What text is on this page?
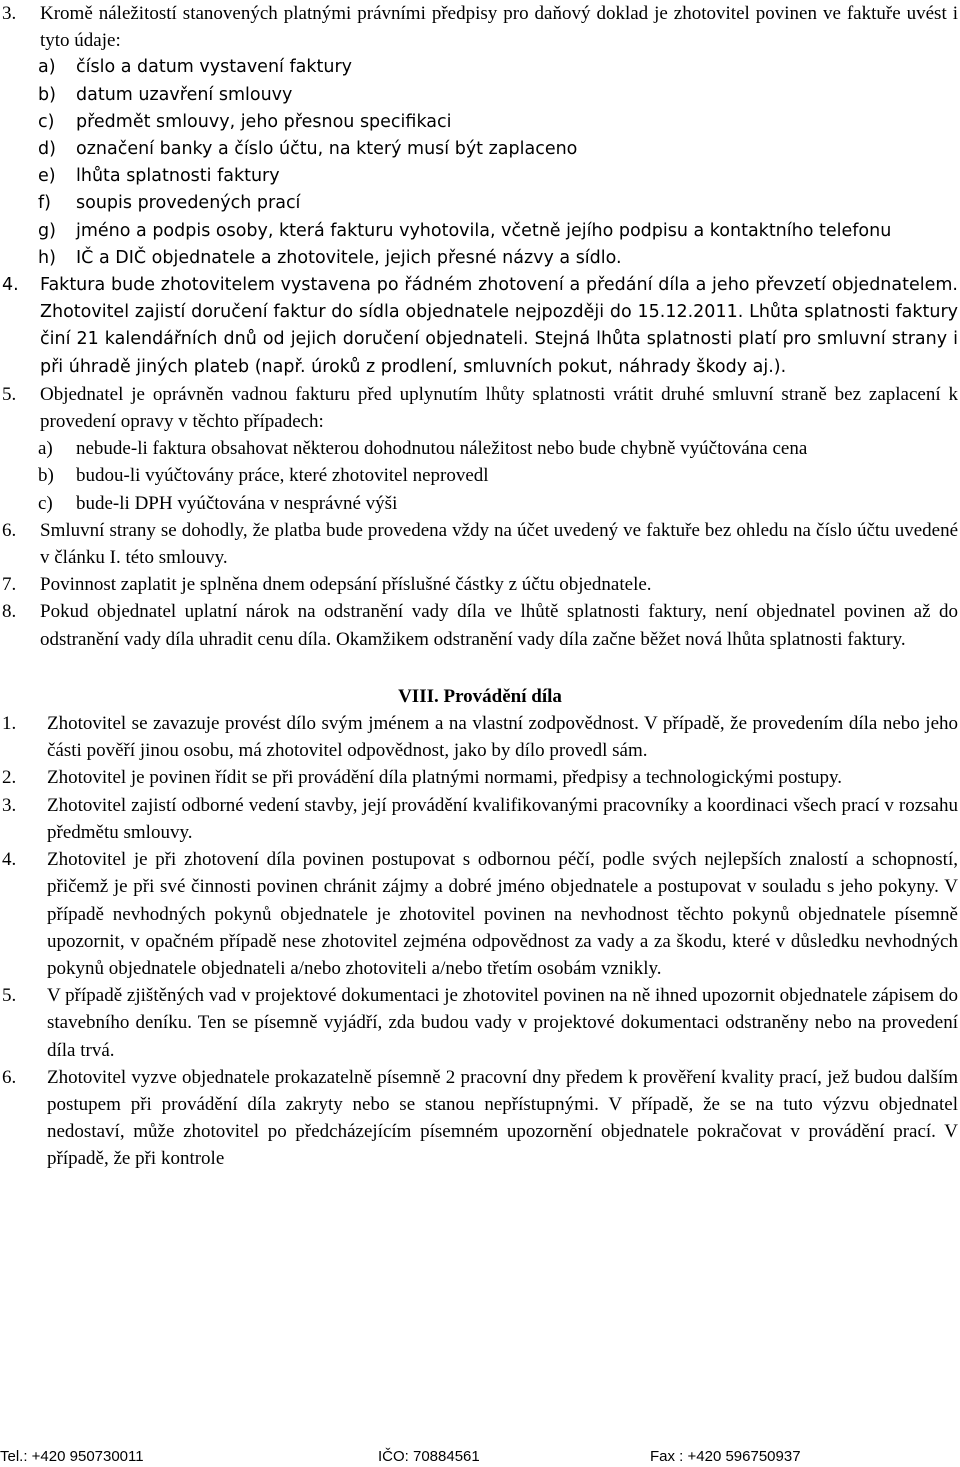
3.	Kromě náležitostí stanovených platnými právními předpisy pro daňový doklad je zhotovitel povinen ve faktuře uvést i tyto údaje:
a)	číslo a datum vystavení faktury
b)	datum uzavření smlouvy
c)	předmět smlouvy, jeho přesnou specifikaci
d)	označení banky a číslo účtu, na který musí být zaplaceno
e)	lhůta splatnosti faktury
f)	soupis provedených prací
g)	jméno a podpis osoby, která fakturu vyhotovila, včetně jejího podpisu a kontaktního telefonu
h)	IČ a DIČ objednatele a zhotovitele, jejich přesné názvy a sídlo.
4.	Faktura bude zhotovitelem vystavena po řádném zhotovení a předání díla a jeho převzetí objednatelem. Zhotovitel zajistí doručení faktur do sídla objednatele nejpozději do 15.12.2011. Lhůta splatnosti faktury činí 21 kalendářních dnů od jejich doručení objednateli. Stejná lhůta splatnosti platí pro smluvní strany i při úhradě jiných plateb (např. úroků z prodlení, smluvních pokut, náhrady škody aj.).
5.	Objednatel je oprávněn vadnou fakturu před uplynutím lhůty splatnosti vrátit druhé smluvní straně bez zaplacení k provedení opravy v těchto případech:
a)	nebude-li faktura obsahovat některou dohodnutou náležitost nebo bude chybně vyúčtována cena
b)	budou-li vyúčtovány práce, které zhotovitel neprovedl
c)	bude-li DPH vyúčtována v nesprávné výši
6.	Smluvní strany se dohodly, že platba bude provedena vždy na účet uvedený ve faktuře bez ohledu na číslo účtu uvedené v článku I. této smlouvy.
7.	Povinnost zaplatit je splněna dnem odepsání příslušné částky z účtu objednatele.
8.	Pokud objednatel uplatní nárok na odstranění vady díla ve lhůtě splatnosti faktury, není objednatel povinen až do odstranění vady díla uhradit cenu díla. Okamžikem odstranění vady díla začne běžet nová lhůta splatnosti faktury.
VIII. Provádění díla
1.	Zhotovitel se zavazuje provést dílo svým jménem a na vlastní zodpovědnost. V případě, že provedením díla nebo jeho části pověří jinou osobu, má zhotovitel odpovědnost, jako by dílo provedl sám.
2.	Zhotovitel je povinen řídit se při provádění díla platnými normami, předpisy a technologickými postupy.
3.	Zhotovitel zajistí odborné vedení stavby, její provádění kvalifikovanými pracovníky a koordinaci všech prací v rozsahu předmětu smlouvy.
4.	Zhotovitel je při zhotovení díla povinen postupovat s odbornou péčí, podle svých nejlepších znalostí a schopností, přičemž je při své činnosti povinen chránit zájmy a dobré jméno objednatele a postupovat v souladu s jeho pokyny. V případě nevhodných pokynů objednatele je zhotovitel povinen na nevhodnost těchto pokynů objednatele písemně upozornit, v opačném případě nese zhotovitel zejména odpovědnost za vady a za škodu, které v důsledku nevhodných pokynů objednatele objednateli a/nebo zhotoviteli a/nebo třetím osobám vznikly.
5.	V případě zjištěných vad v projektové dokumentaci je zhotovitel povinen na ně ihned upozornit objednatele zápisem do stavebního deníku. Ten se písemně vyjádří, zda budou vady v projektové dokumentaci odstraněny nebo na provedení díla trvá.
6.	Zhotovitel vyzve objednatele prokazatelně písemně 2 pracovní dny předem k prověření kvality prací, jež budou dalším postupem při provádění díla zakryty nebo se stanou nepřístupnými. V případě, že se na tuto výzvu objednatel nedostaví, může zhotovitel po předcházejícím písemném upozornění objednatele pokračovat v provádění prací. V případě, že při kontrole
Tel.: +420 950730011	IČO: 70884561	Fax : +420 596750937
